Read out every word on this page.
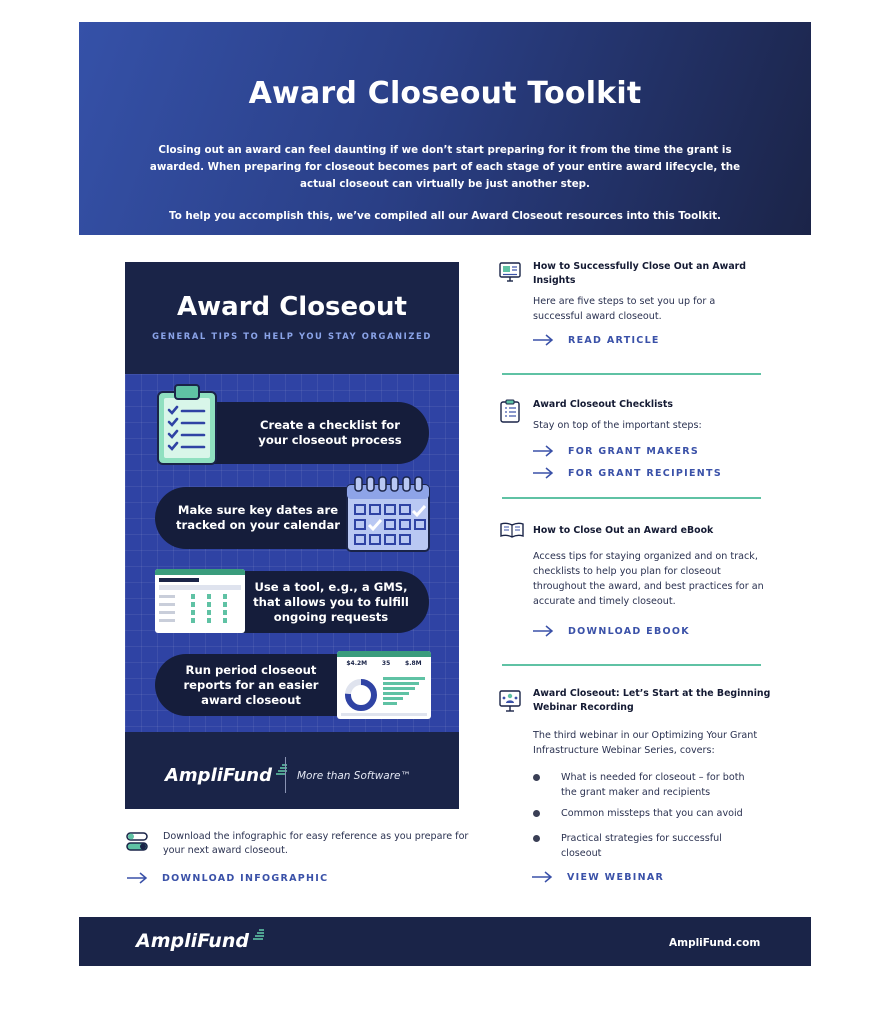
Award Closeout Toolkit
Closing out an award can feel daunting if we don’t start preparing for it from the time the grant is awarded. When preparing for closeout becomes part of each stage of your entire award lifecycle, the actual closeout can virtually be just another step.
To help you accomplish this, we’ve compiled all our Award Closeout resources into this Toolkit.
Award Closeout
GENERAL TIPS TO HELP YOU STAY ORGANIZED
Create a checklist for your closeout process
Make sure key dates are tracked on your calendar
Use a tool, e.g., a GMS, that allows you to fulfill ongoing requests
Run period closeout reports for an easier award closeout
$4.2M 35 $.8M
AmpliFund	More than Software™
Download the infographic for easy reference as you prepare for your next award closeout.
DOWNLOAD INFOGRAPHIC
How to Successfully Close Out an Award Insights
Here are five steps to set you up for a successful award closeout.
READ ARTICLE
Award Closeout Checklists
Stay on top of the important steps:
FOR GRANT MAKERS
FOR GRANT RECIPIENTS
How to Close Out an Award eBook
Access tips for staying organized and on track, checklists to help you plan for closeout throughout the award, and best practices for an accurate and timely closeout.
DOWNLOAD EBOOK
Award Closeout: Let’s Start at the Beginning Webinar Recording
The third webinar in our Optimizing Your Grant Infrastructure Webinar Series, covers:
What is needed for closeout – for both the grant maker and recipients
Common missteps that you can avoid
Practical strategies for successful closeout
VIEW WEBINAR
AmpliFund	AmpliFund.com
